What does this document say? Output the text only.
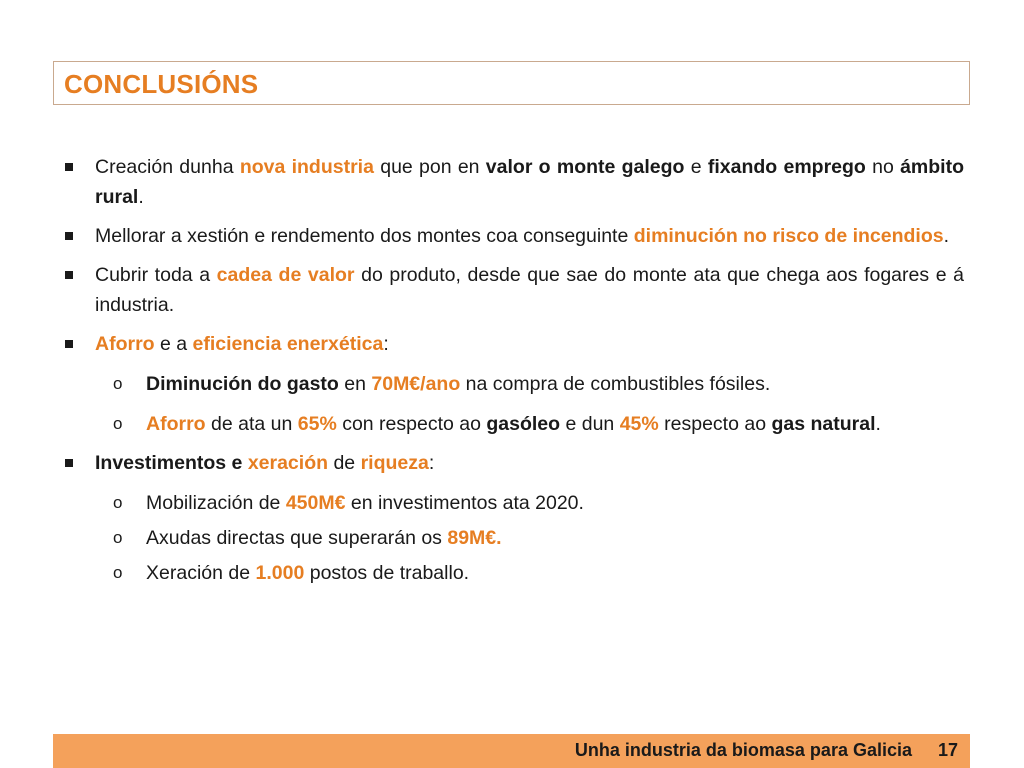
CONCLUSIÓNS

Creación dunha nova industria que pon en valor o monte galego e fixando emprego no ámbito rural.

Mellorar a xestión e rendemento dos montes coa conseguinte diminución no risco de incendios.

Cubrir toda a cadea de valor do produto, desde que sae do monte ata que chega aos fogares e á industria.

Aforro e a eficiencia enerxética:

o Diminución do gasto en 70M€/ano na compra de combustibles fósiles.

o Aforro de ata un 65% con respecto ao gasóleo e dun 45% respecto ao gas natural.

Investimentos e xeración de riqueza:

o Mobilización de 450M€ en investimentos ata 2020.

o Axudas directas que superarán os 89M€.

o Xeración de 1.000 postos de traballo.

Unha industria da biomasa para Galicia 17
